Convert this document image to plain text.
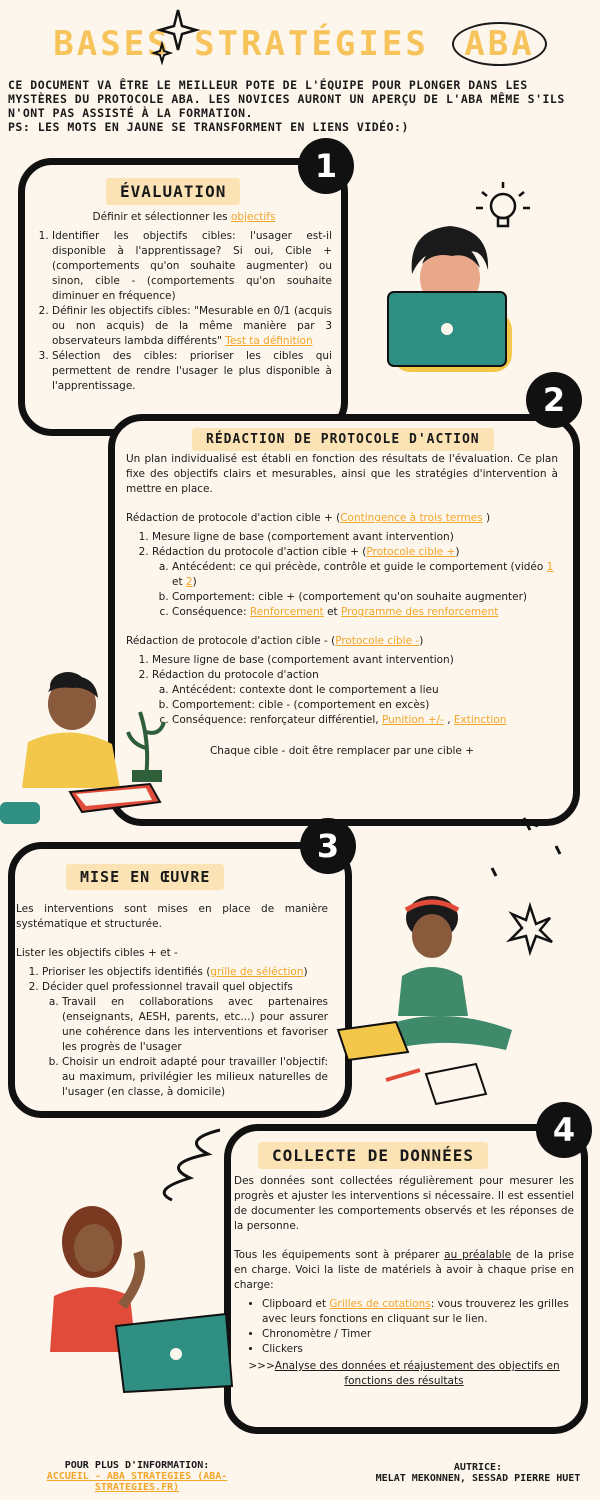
BASES STRATÉGIES ABA
CE DOCUMENT VA ÊTRE LE MEILLEUR POTE DE L'ÉQUIPE POUR PLONGER DANS LES MYSTÈRES DU PROTOCOLE ABA. LES NOVICES AURONT UN APERÇU DE L'ABA MÊME S'ILS N'ONT PAS ASSISTÉ À LA FORMATION.
PS: LES MOTS EN JAUNE SE TRANSFORMENT EN LIENS VIDÉO:)
1
ÉVALUATION

Définir et sélectionner les objectifs

1. Identifier les objectifs cibles: l'usager est-il disponible à l'apprentissage? Si oui, Cible + (comportements qu'on souhaite augmenter) ou sinon, cible - (comportements qu'on souhaite diminuer en fréquence)
2. Définir les objectifs cibles: "Mesurable en 0/1 (acquis ou non acquis) de la même manière par 3 observateurs lambda différents" Test ta définition
3. Sélection des cibles: prioriser les cibles qui permettent de rendre l'usager le plus disponible à l'apprentissage.	2
RÉDACTION DE PROTOCOLE D'ACTION

Un plan individualisé est établi en fonction des résultats de l'évaluation. Ce plan fixe des objectifs clairs et mesurables, ainsi que les stratégies d'intervention à mettre en place.

Rédaction de protocole d'action cible + (Contingence à trois termes )

1. Mesure ligne de base (comportement avant intervention)
2. Rédaction du protocole d'action cible + (Protocole cible +)
a. Antécédent: ce qui précède, contrôle et guide le comportement (vidéo 1 et 2)
b. Comportement: cible + (comportement qu'on souhaite augmenter)
c. Conséquence: Renforcement et Programme des renforcement

Rédaction de protocole d'action cible - (Protocole cible -)

1. Mesure ligne de base (comportement avant intervention)
2. Rédaction du protocole d'action
a. Antécédent: contexte dont le comportement a lieu
b. Comportement: cible - (comportement en excès)
c. Conséquence: renforçateur différentiel, Punition +/- , Extinction

Chaque cible - doit être remplacer par une cible +

3
MISE EN ŒUVRE

Les interventions sont mises en place de manière systématique et structurée.

Lister les objectifs cibles + et -

1. Prioriser les objectifs identifiés (grille de séléction)
2. Décider quel professionnel travail quel objectifs
a. Travail en collaborations avec partenaires (enseignants, AESH, parents, etc...) pour assurer une cohérence dans les interventions et favoriser les progrès de l'usager
b. Choisir un endroit adapté pour travailler l'objectif: au maximum, privilégier les milieux naturelles de l'usager (en classe, à domicile)
4
COLLECTE DE DONNÉES

Des données sont collectées régulièrement pour mesurer les progrès et ajuster les interventions si nécessaire. Il est essentiel de documenter les comportements observés et les réponses de la personne.

Tous les équipements sont à préparer au préalable de la prise en charge. Voici la liste de matériels à avoir à chaque prise en charge:

• Clipboard et Grilles de cotations: vous trouverez les grilles avec leurs fonctions en cliquant sur le lien.
• Chronomètre / Timer
• Clickers

>>>Analyse des données et réajustement des objectifs en fonctions des résultats

POUR PLUS D'INFORMATION:
ACCUEIL - ABA STRATEGIES (ABA-STRATEGIES.FR)
AUTRICE:
MELAT MEKONNEN, SESSAD PIERRE HUET
